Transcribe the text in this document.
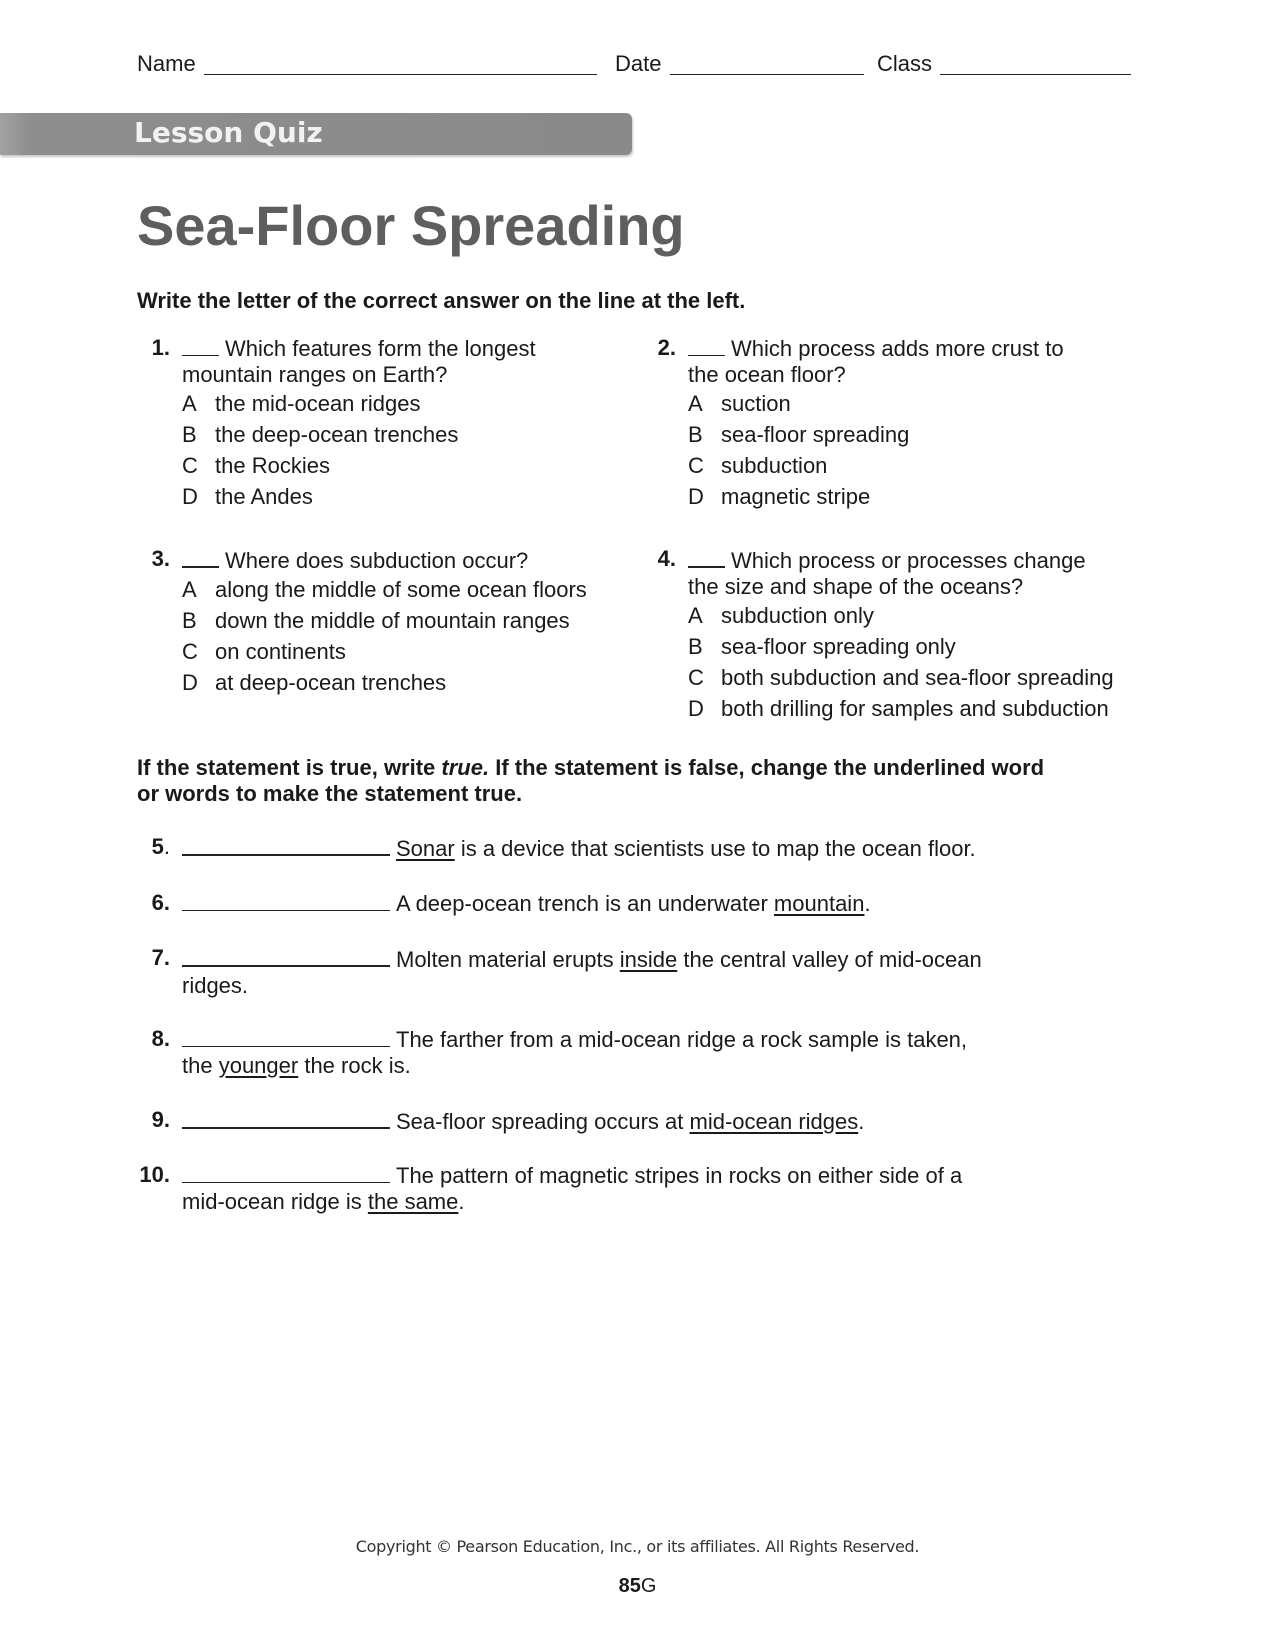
Name	Date	Class
Lesson Quiz
Sea-Floor Spreading
Write the letter of the correct answer on the line at the left.
1.	Which features form the longest
mountain ranges on Earth?
A the mid-ocean ridges
B the deep-ocean trenches
C the Rockies
D the Andes
2.	Which process adds more crust to
the ocean floor?
A suction
B sea-floor spreading
C subduction
D magnetic stripe
3.	Where does subduction occur?
A along the middle of some ocean floors
B down the middle of mountain ranges
C on continents
D at deep-ocean trenches
4.	Which process or processes change
the size and shape of the oceans?
A subduction only
B sea-floor spreading only
C both subduction and sea-floor spreading
D both drilling for samples and subduction
If the statement is true, write true. If the statement is false, change the underlined word
or words to make the statement true.
5.	Sonar is a device that scientists use to map the ocean floor.
6.	A deep-ocean trench is an underwater mountain.
7.	Molten material erupts inside the central valley of mid-ocean
ridges.
8.	The farther from a mid-ocean ridge a rock sample is taken,
the younger the rock is.
9.	Sea-floor spreading occurs at mid-ocean ridges.
10.	The pattern of magnetic stripes in rocks on either side of a
mid-ocean ridge is the same.
Copyright © Pearson Education, Inc., or its affiliates. All Rights Reserved.
85G
